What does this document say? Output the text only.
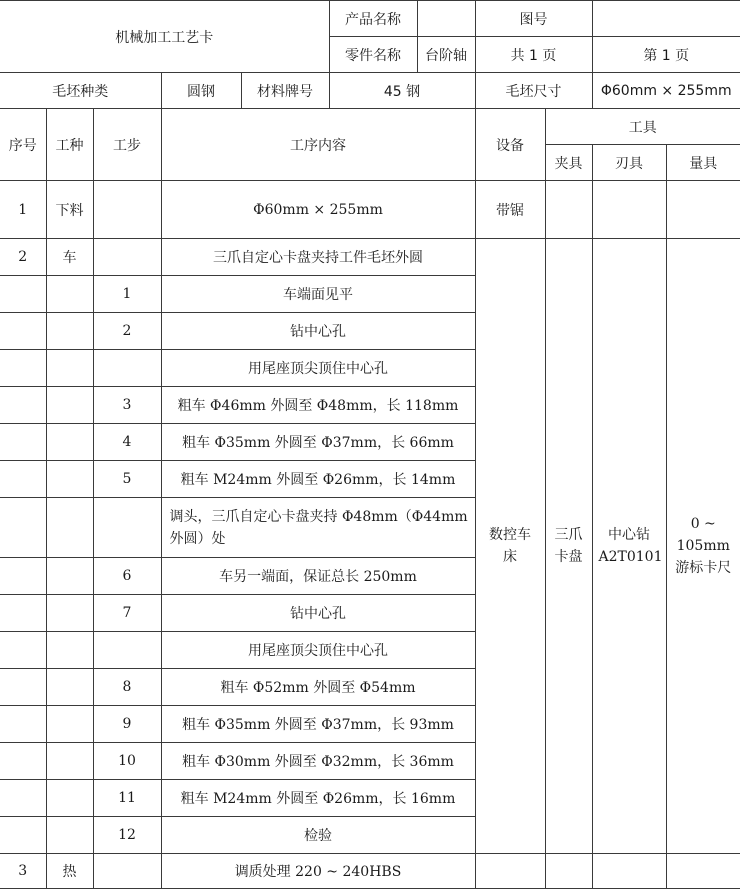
机械加工工艺卡					产品名称		图号			
					零件名称	台阶轴	共 1 页		第 1 页	
毛坯种类			圆钢	材料牌号	45 钢		毛坯尺寸		Φ60mm × 255mm	
序号	工种	工步	工序内容				设备	工具		
								夹具	刃具	量具
1	下料		Φ60mm × 255mm				带锯			
2	车		三爪自定心卡盘夹持工件毛坯外圆				数控车床	三爪卡盘	中心钻 A2T0101	0 ~ 105mm 游标卡尺
		1	车端面见平							
		2	钻中心孔							
			用尾座顶尖顶住中心孔							
		3	粗车 Φ46mm 外圆至 Φ48mm，长 118mm							
		4	粗车 Φ35mm 外圆至 Φ37mm，长 66mm							
		5	粗车 M24mm 外圆至 Φ26mm，长 14mm							
			调头，三爪自定心卡盘夹持 Φ48mm（Φ44mm 外圆）处							
		6	车另一端面，保证总长 250mm							
		7	钻中心孔							
			用尾座顶尖顶住中心孔							
		8	粗车 Φ52mm 外圆至 Φ54mm							
		9	粗车 Φ35mm 外圆至 Φ37mm，长 93mm							
		10	粗车 Φ30mm 外圆至 Φ32mm，长 36mm							
		11	粗车 M24mm 外圆至 Φ26mm，长 16mm							
		12	检验							
3	热		调质处理 220 ~ 240HBS							
